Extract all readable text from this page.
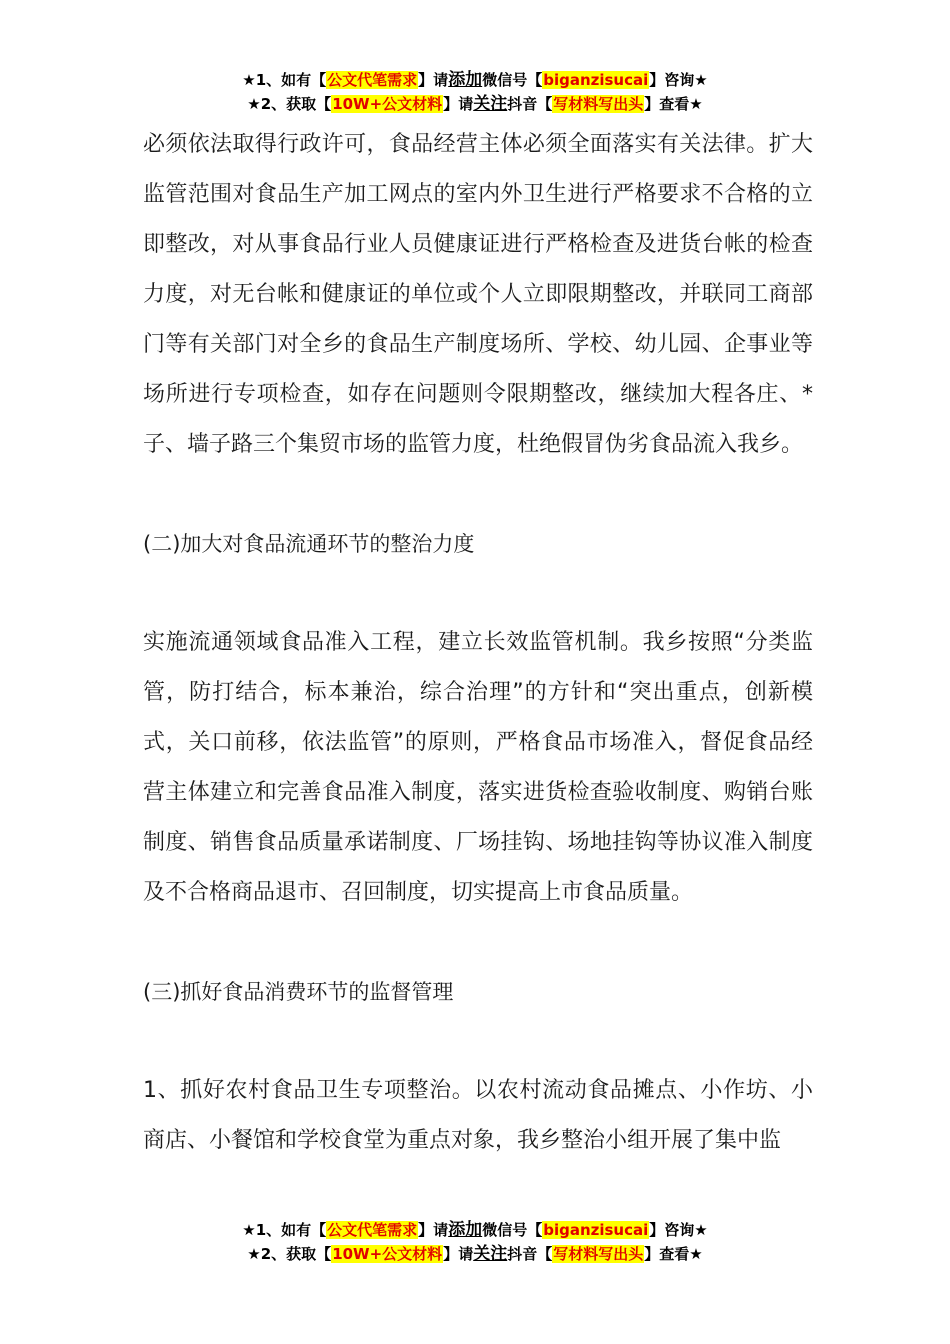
★1、如有【公文代笔需求】请添加微信号【biganzisucai】咨询★
★2、获取【10W+公文材料】请关注抖音【写材料写出头】查看★

必须依法取得行政许可，食品经营主体必须全面落实有关法律。扩大监管范围对食品生产加工网点的室内外卫生进行严格要求不合格的立即整改，对从事食品行业人员健康证进行严格检查及进货台帐的检查力度，对无台帐和健康证的单位或个人立即限期整改，并联同工商部门等有关部门对全乡的食品生产制度场所、学校、幼儿园、企事业等场所进行专项检查，如存在问题则令限期整改，继续加大程各庄、*子、墙子路三个集贸市场的监管力度，杜绝假冒伪劣食品流入我乡。

(二)加大对食品流通环节的整治力度

实施流通领域食品准入工程，建立长效监管机制。我乡按照“分类监管，防打结合，标本兼治，综合治理”的方针和“突出重点，创新模式，关口前移，依法监管”的原则，严格食品市场准入，督促食品经营主体建立和完善食品准入制度，落实进货检查验收制度、购销台账制度、销售食品质量承诺制度、厂场挂钩、场地挂钩等协议准入制度及不合格商品退市、召回制度，切实提高上市食品质量。

(三)抓好食品消费环节的监督管理

1、抓好农村食品卫生专项整治。以农村流动食品摊点、小作坊、小商店、小餐馆和学校食堂为重点对象，我乡整治小组开展了集中监

★1、如有【公文代笔需求】请添加微信号【biganzisucai】咨询★
★2、获取【10W+公文材料】请关注抖音【写材料写出头】查看★
